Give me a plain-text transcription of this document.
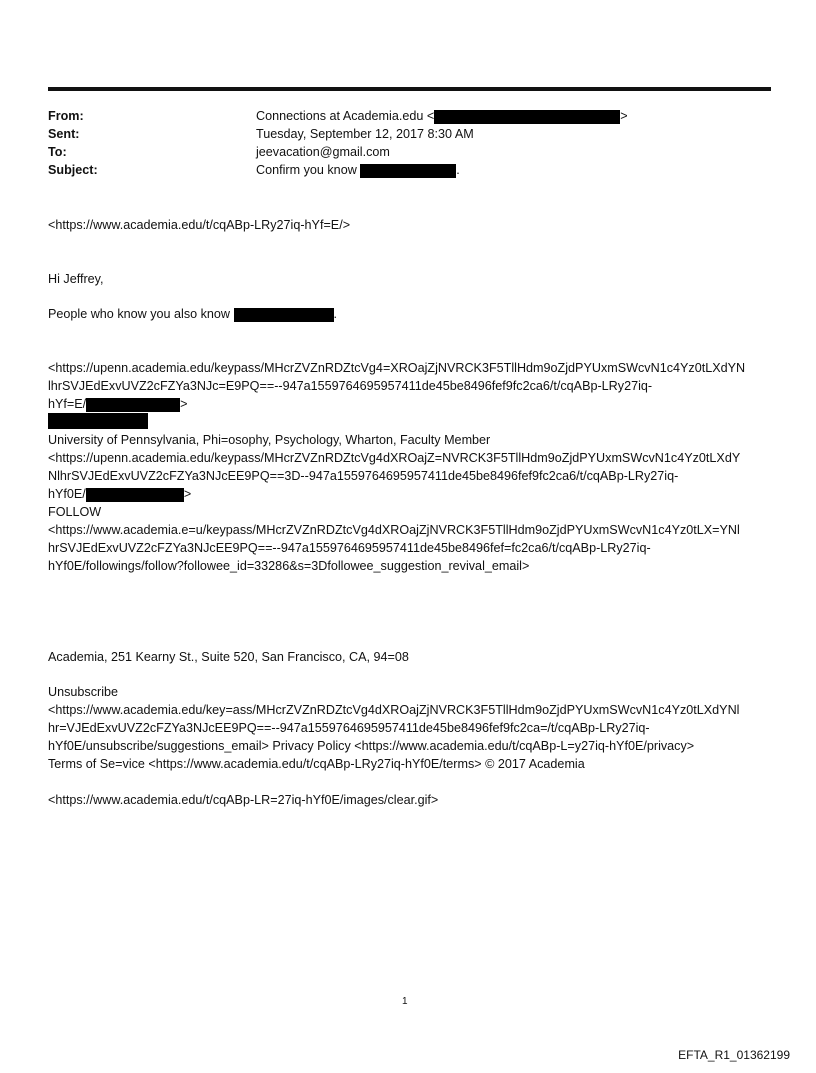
From:	Connections at Academia.edu <	>
Sent:	Tuesday, September 12, 2017 8:30 AM
To:	jeevacation@gmail.com
Subject:	Confirm you know	.
<https://www.academia.edu/t/cqABp-LRy27iq-hYf=E/>
Hi Jeffrey,
People who know you also know	.
<https://upenn.academia.edu/keypass/MHcrZVZnRDZtcVg4=XROajZjNVRCK3F5TllHdm9oZjdPYUxmSWcvN1c4Yz0tLXdYN
lhrSVJEdExvUVZ2cFZYa3NJc=E9PQ==--947a1559764695957411de45be8496fef9fc2ca6/t/cqABp-LRy27iq-
hYf=E/	>
University of Pennsylvania, Phi=osophy, Psychology, Wharton, Faculty Member
<https://upenn.academia.edu/keypass/MHcrZVZnRDZtcVg4dXROajZ=NVRCK3F5TllHdm9oZjdPYUxmSWcvN1c4Yz0tLXdY
NlhrSVJEdExvUVZ2cFZYa3NJcEE9PQ==3D--947a1559764695957411de45be8496fef9fc2ca6/t/cqABp-LRy27iq-
hYf0E/	>
FOLLOW
<https://www.academia.e=u/keypass/MHcrZVZnRDZtcVg4dXROajZjNVRCK3F5TllHdm9oZjdPYUxmSWcvN1c4Yz0tLX=YNl
hrSVJEdExvUVZ2cFZYa3NJcEE9PQ==--947a1559764695957411de45be8496fef=fc2ca6/t/cqABp-LRy27iq-
hYf0E/followings/follow?followee_id=33286&s=3Dfollowee_suggestion_revival_email>
Academia, 251 Kearny St., Suite 520, San Francisco, CA, 94=08
Unsubscribe
<https://www.academia.edu/key=ass/MHcrZVZnRDZtcVg4dXROajZjNVRCK3F5TllHdm9oZjdPYUxmSWcvN1c4Yz0tLXdYNl
hr=VJEdExvUVZ2cFZYa3NJcEE9PQ==--947a1559764695957411de45be8496fef9fc2ca=/t/cqABp-LRy27iq-
hYf0E/unsubscribe/suggestions_email> Privacy Policy <https://www.academia.edu/t/cqABp-L=y27iq-hYf0E/privacy>
Terms of Se=vice <https://www.academia.edu/t/cqABp-LRy27iq-hYf0E/terms> © 2017 Academia
<https://www.academia.edu/t/cqABp-LR=27iq-hYf0E/images/clear.gif>
1
EFTA_R1_01362199
